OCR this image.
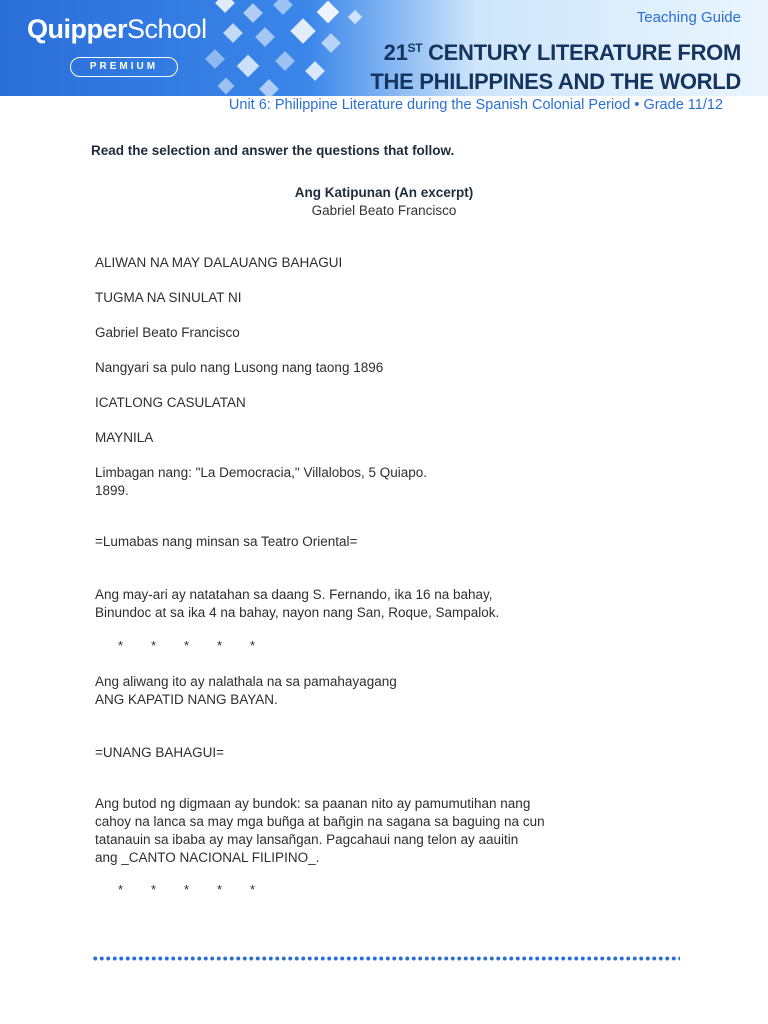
QuipperSchool
PREMIUM
Teaching Guide
21ST CENTURY LITERATURE FROM
THE PHILIPPINES AND THE WORLD
Unit 6: Philippine Literature during the Spanish Colonial Period • Grade 11/12
Read the selection and answer the questions that follow.
Ang Katipunan (An excerpt)
Gabriel Beato Francisco
ALIWAN NA MAY DALAUANG BAHAGUI
TUGMA NA SINULAT NI
Gabriel Beato Francisco
Nangyari sa pulo nang Lusong nang taong 1896
ICATLONG CASULATAN
MAYNILA
Limbagan nang: "La Democracia," Villalobos, 5 Quiapo.
1899.
=Lumabas nang minsan sa Teatro Oriental=
Ang may-ari ay natatahan sa daang S. Fernando, ika 16 na bahay,
Binundoc at sa ika 4 na bahay, nayon nang San, Roque, Sampalok.
* * * * *
Ang aliwang ito ay nalathala na sa pamahayagang
ANG KAPATID NANG BAYAN.
=UNANG BAHAGUI=
Ang butod ng digmaan ay bundok: sa paanan nito ay pamumutihan nang
cahoy na lanca sa may mga buñga at bañgin na sagana sa baguing na cun
tatanauin sa ibaba ay may lansañgan. Pagcahaui nang telon ay aauitin
ang _CANTO NACIONAL FILIPINO_.
* * * * *
